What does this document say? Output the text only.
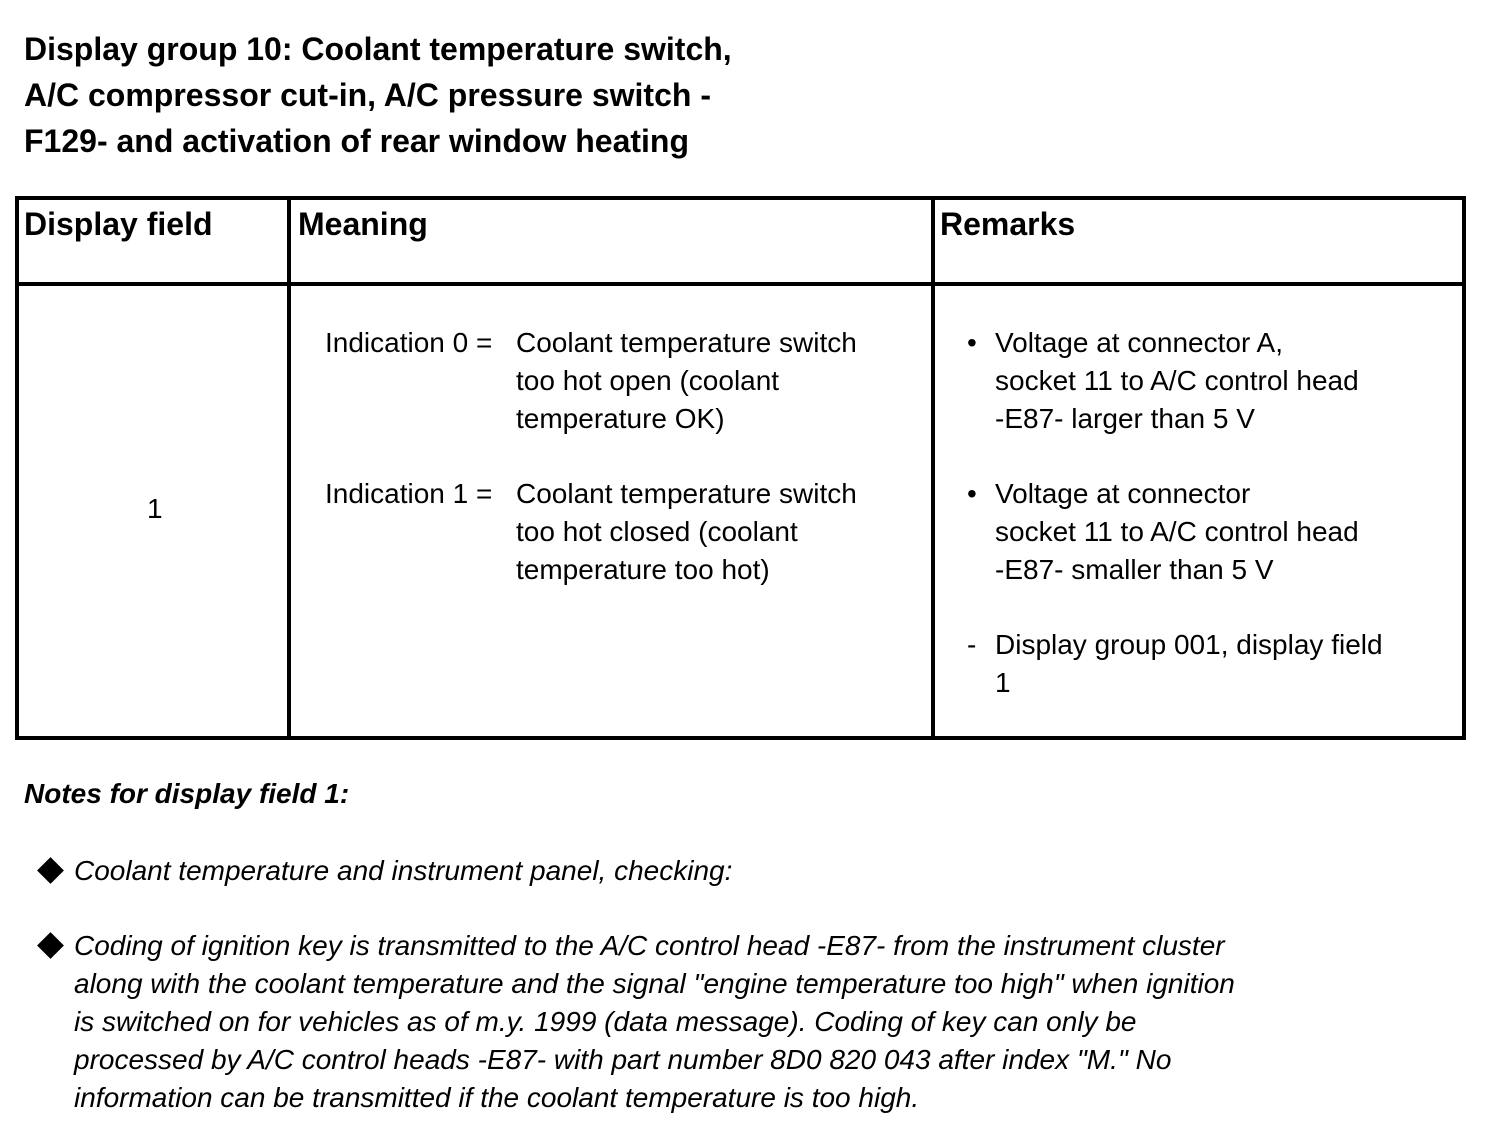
Display group 10: Coolant temperature switch,
A/C compressor cut-in, A/C pressure switch -
F129- and activation of rear window heating
Display field	Meaning	Remarks
1
Indication 0 = Coolant temperature switch
too hot open (coolant
temperature OK)
Indication 1 = Coolant temperature switch
too hot closed (coolant
temperature too hot)
• Voltage at connector A,
socket 11 to A/C control head
-E87- larger than 5 V
• Voltage at connector
socket 11 to A/C control head
-E87- smaller than 5 V
- Display group 001, display field
1
Notes for display field 1:
Coolant temperature and instrument panel, checking:
Coding of ignition key is transmitted to the A/C control head -E87- from the instrument cluster
along with the coolant temperature and the signal "engine temperature too high" when ignition
is switched on for vehicles as of m.y. 1999 (data message). Coding of key can only be
processed by A/C control heads -E87- with part number 8D0 820 043 after index "M." No
information can be transmitted if the coolant temperature is too high.
